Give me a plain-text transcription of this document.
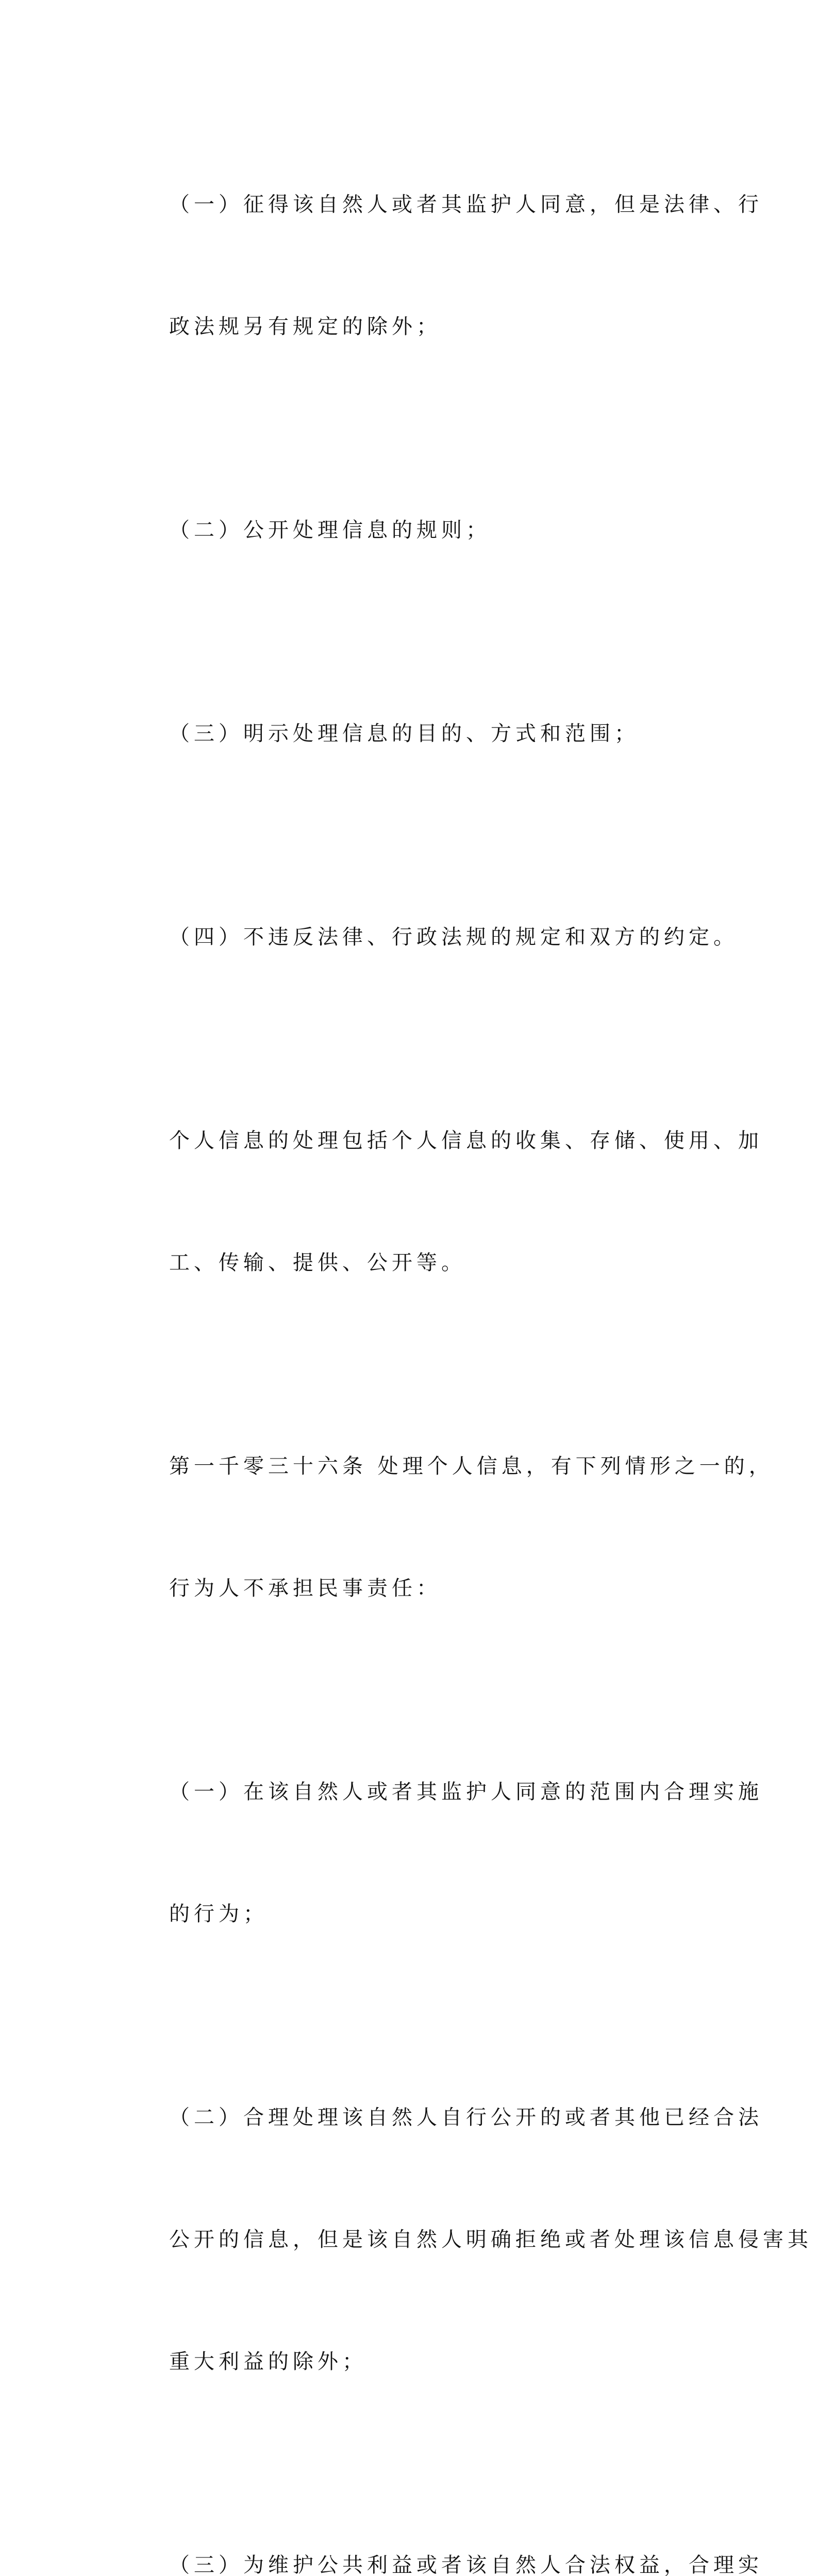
（一）征得该自然人或者其监护人同意，但是法律、行

政法规另有规定的除外；

（二）公开处理信息的规则；

（三）明示处理信息的目的、方式和范围；

（四）不违反法律、行政法规的规定和双方的约定。

个人信息的处理包括个人信息的收集、存储、使用、加

工、传输、提供、公开等。

第一千零三十六条 处理个人信息，有下列情形之一的，

行为人不承担民事责任：

（一）在该自然人或者其监护人同意的范围内合理实施

的行为；

（二）合理处理该自然人自行公开的或者其他已经合法

公开的信息，但是该自然人明确拒绝或者处理该信息侵害其

重大利益的除外；

（三）为维护公共利益或者该自然人合法权益，合理实
